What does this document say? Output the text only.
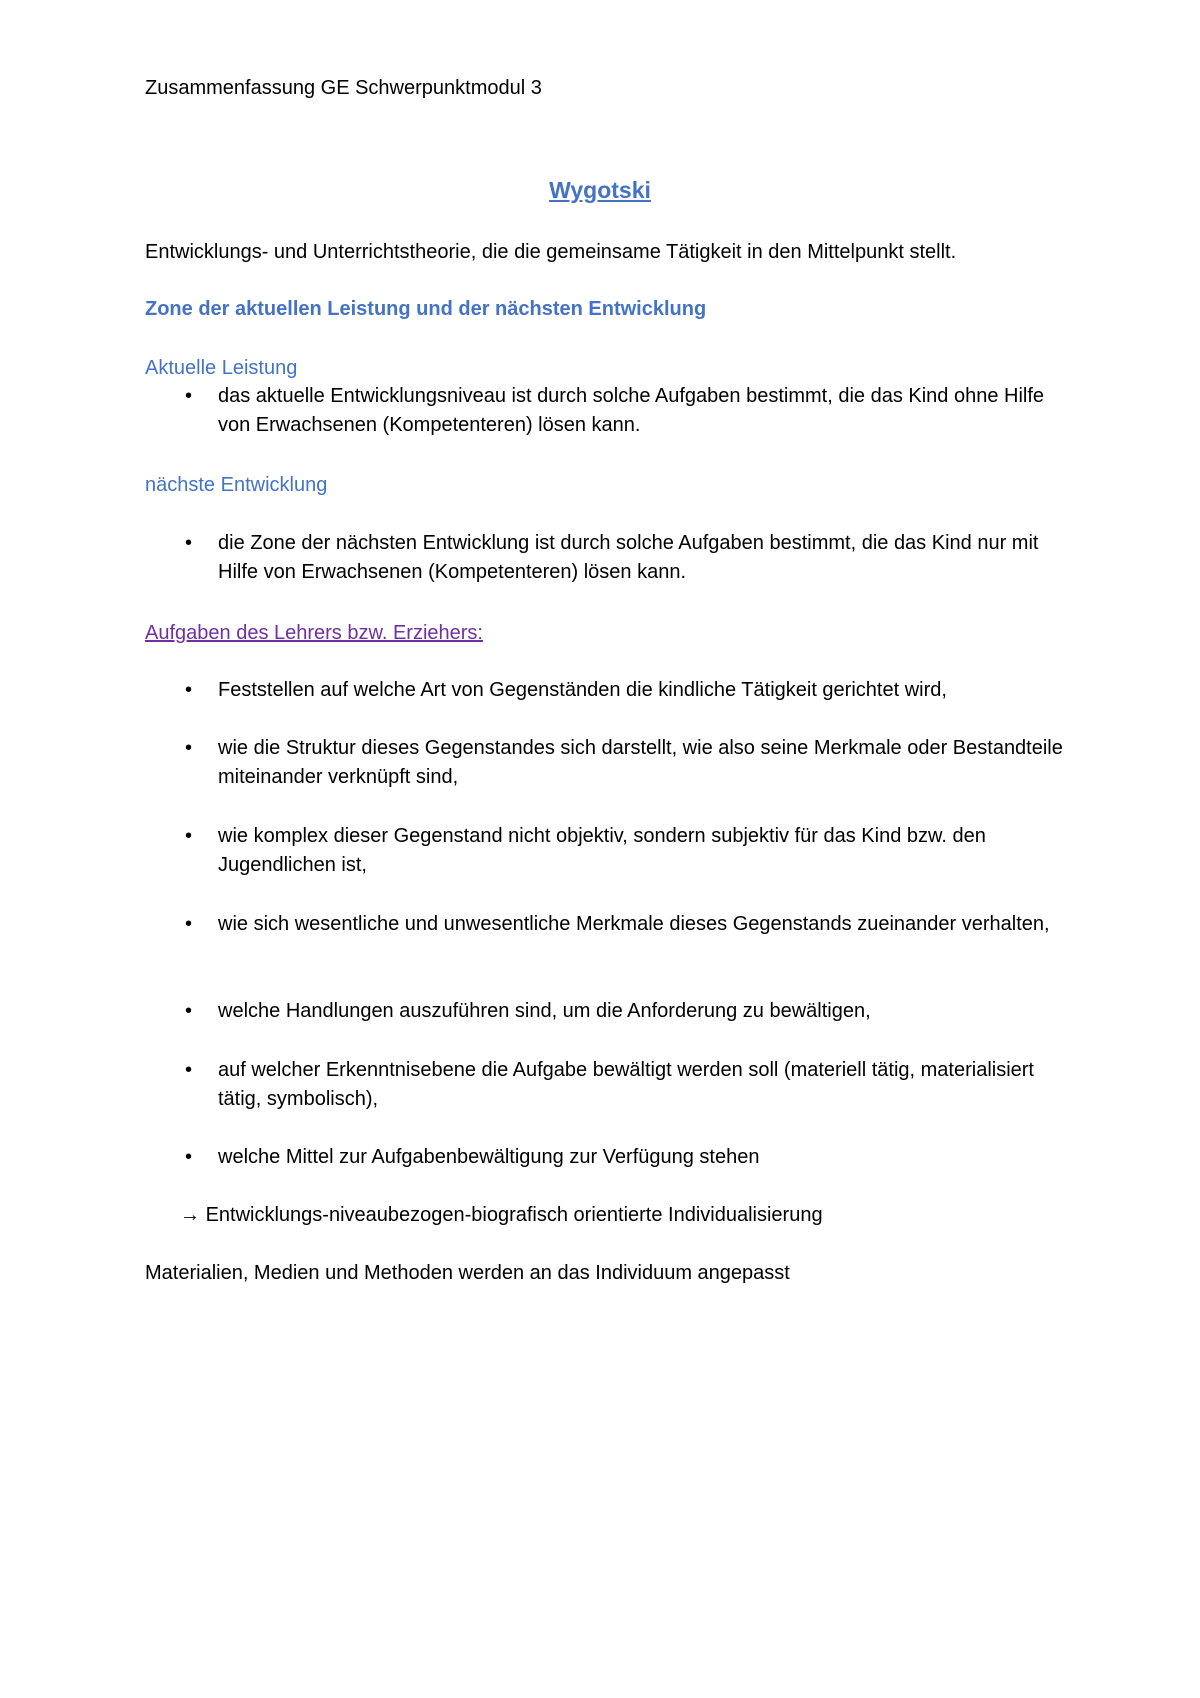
Zusammenfassung GE Schwerpunktmodul 3
Wygotski
Entwicklungs- und Unterrichtstheorie, die die gemeinsame Tätigkeit in den Mittelpunkt stellt.
Zone der aktuellen Leistung und der nächsten Entwicklung
Aktuelle Leistung
•	das aktuelle Entwicklungsniveau ist durch solche Aufgaben bestimmt, die das Kind ohne Hilfe von Erwachsenen (Kompetenteren) lösen kann.
nächste Entwicklung
•	die Zone der nächsten Entwicklung ist durch solche Aufgaben bestimmt, die das Kind nur mit Hilfe von Erwachsenen (Kompetenteren) lösen kann.
Aufgaben des Lehrers bzw. Erziehers:
•	Feststellen auf welche Art von Gegenständen die kindliche Tätigkeit gerichtet wird,
•	wie die Struktur dieses Gegenstandes sich darstellt, wie also seine Merkmale oder Bestandteile miteinander verknüpft sind,
•	wie komplex dieser Gegenstand nicht objektiv, sondern subjektiv für das Kind bzw. den Jugendlichen ist,
•	wie sich wesentliche und unwesentliche Merkmale dieses Gegenstands zueinander verhalten,
•	welche Handlungen auszuführen sind, um die Anforderung zu bewältigen,
•	auf welcher Erkenntnisebene die Aufgabe bewältigt werden soll (materiell tätig, materialisiert tätig, symbolisch),
•	welche Mittel zur Aufgabenbewältigung zur Verfügung stehen
→ Entwicklungs-niveaubezogen-biografisch orientierte Individualisierung
Materialien, Medien und Methoden werden an das Individuum angepasst
